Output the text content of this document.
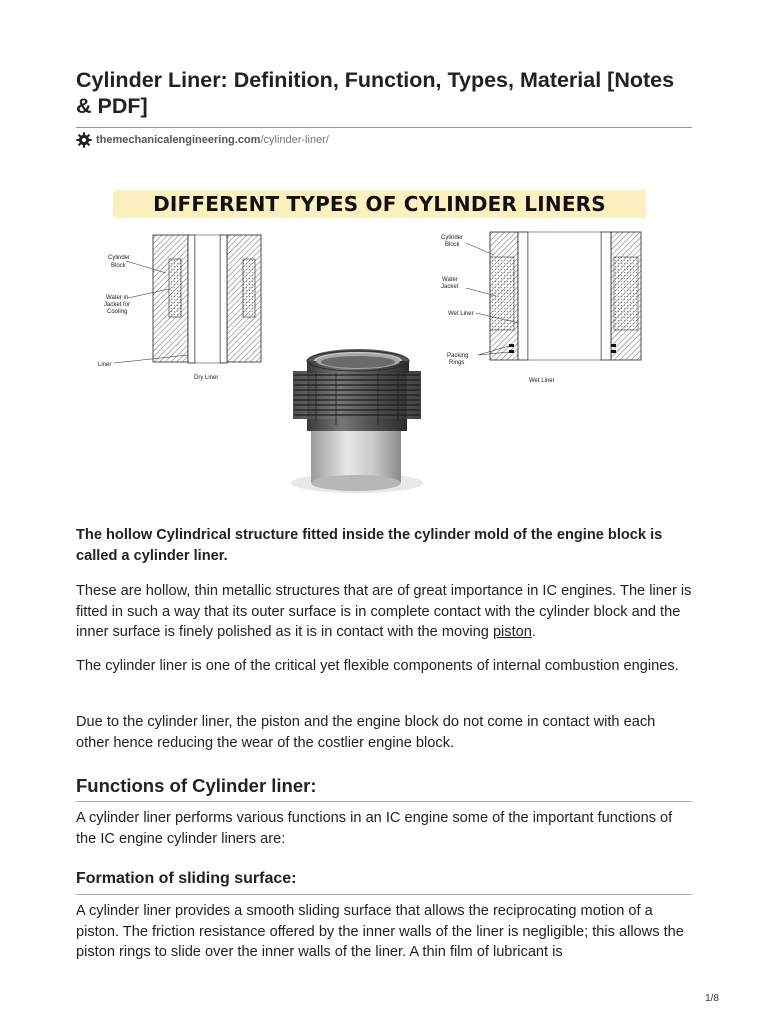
Cylinder Liner: Definition, Function, Types, Material [Notes & PDF]
themechanicalengineering.com /cylinder-liner/
DIFFERENT TYPES OF CYLINDER LINERS
Cylinder
Block
Water in
Jacket for
Cooling
Liner
Dry Liner
Cylinder
Block
Water
Jacket
Wet Liner
Packing
Rings
Wet Liner

The hollow Cylindrical structure fitted inside the cylinder mold of the engine block is called a cylinder liner.

These are hollow, thin metallic structures that are of great importance in IC engines. The liner is fitted in such a way that its outer surface is in complete contact with the cylinder block and the inner surface is finely polished as it is in contact with the moving piston.

The cylinder liner is one of the critical yet flexible components of internal combustion engines.

Due to the cylinder liner, the piston and the engine block do not come in contact with each other hence reducing the wear of the costlier engine block.

Functions of Cylinder liner:

A cylinder liner performs various functions in an IC engine some of the important functions of the IC engine cylinder liners are:

Formation of sliding surface:

A cylinder liner provides a smooth sliding surface that allows the reciprocating motion of a piston. The friction resistance offered by the inner walls of the liner is negligible; this allows the piston rings to slide over the inner walls of the liner. A thin film of lubricant is

1/8
